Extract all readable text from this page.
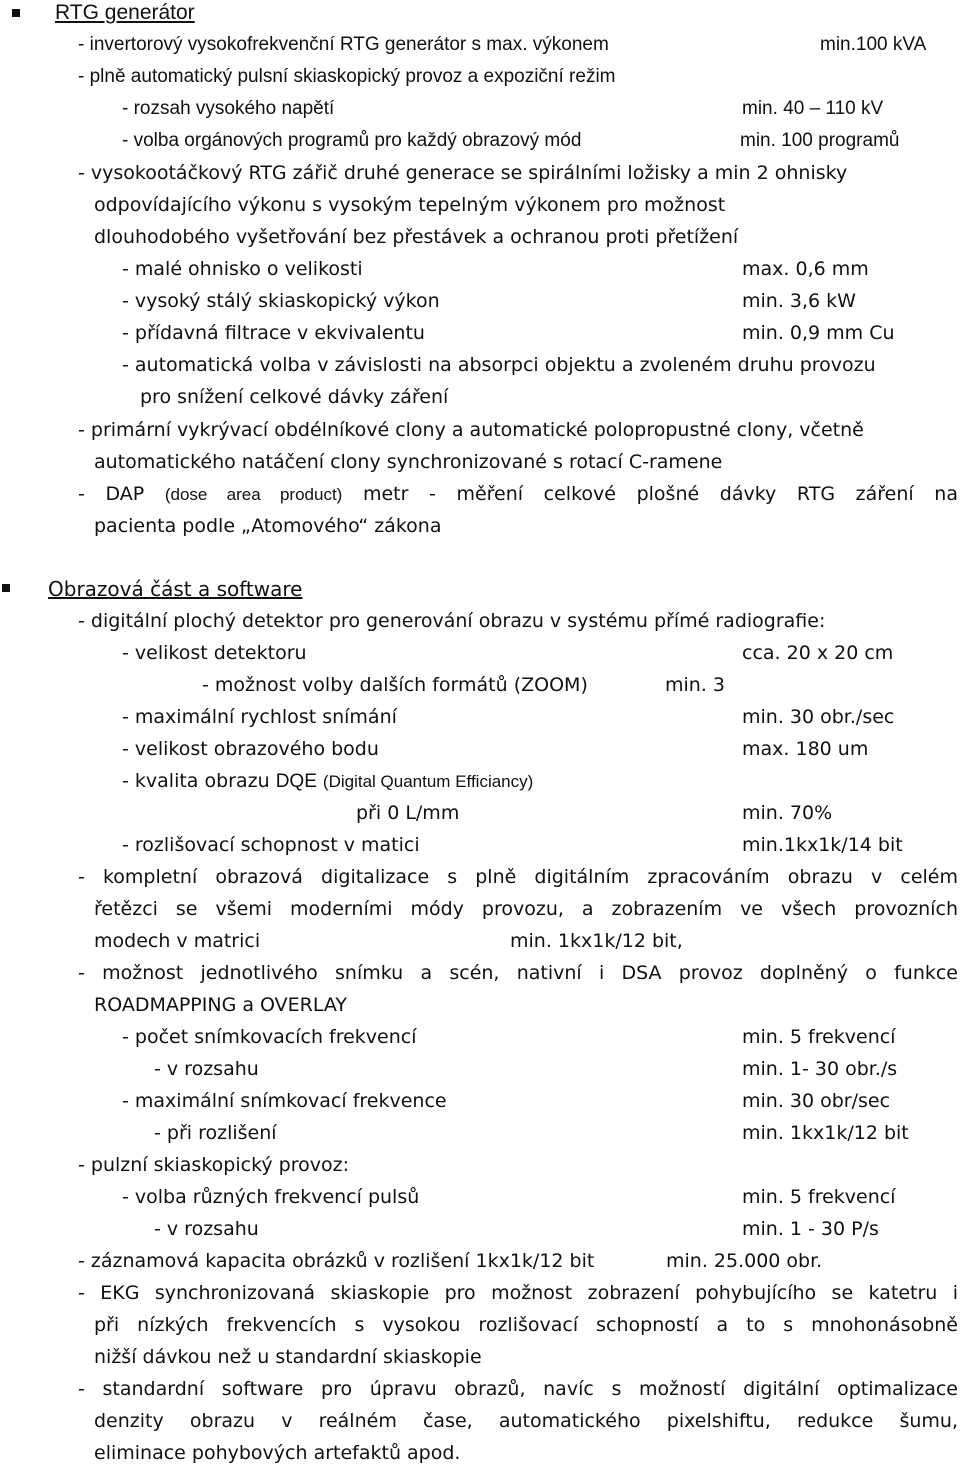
RTG generátor
- invertorový vysokofrekvenční RTG generátor s max. výkonem	min.100 kVA
- plně automatický pulsní skiaskopický provoz a expoziční režim
- rozsah vysokého napětí	min. 40 – 110 kV
- volba orgánových programů pro každý obrazový mód	min. 100 programů
- vysokootáčkový RTG zářič druhé generace se spirálními ložisky a min 2 ohnisky
odpovídajícího výkonu s vysokým tepelným výkonem pro možnost
dlouhodobého vyšetřování bez přestávek a ochranou proti přetížení
- malé ohnisko o velikosti	max. 0,6 mm
- vysoký stálý skiaskopický výkon	min. 3,6 kW
- přídavná filtrace v ekvivalentu	min. 0,9 mm Cu
- automatická volba v závislosti na absorpci objektu a zvoleném druhu provozu
pro snížení celkové dávky záření
- primární vykrývací obdélníkové clony a automatické polopropustné clony, včetně
automatického natáčení clony synchronizované s rotací C-ramene
- DAP (dose area product) metr - měření celkové plošné dávky RTG záření na
pacienta podle „Atomového“ zákona
Obrazová část a software
- digitální plochý detektor pro generování obrazu v systému přímé radiografie:
- velikost detektoru	cca. 20 x 20 cm
- možnost volby dalších formátů (ZOOM)	min. 3
- maximální rychlost snímání	min. 30 obr./sec
- velikost obrazového bodu	max. 180 um
- kvalita obrazu DQE (Digital Quantum Efficiancy)
při 0 L/mm	min. 70%
- rozlišovací schopnost v matici	min.1kx1k/14 bit
- kompletní obrazová digitalizace s plně digitálním zpracováním obrazu v celém
řetězci se všemi moderními módy provozu, a zobrazením ve všech provozních
modech v matrici	min. 1kx1k/12 bit,
- možnost jednotlivého snímku a scén, nativní i DSA provoz doplněný o funkce
ROADMAPPING a OVERLAY
- počet snímkovacích frekvencí	min. 5 frekvencí
- v rozsahu	min. 1- 30 obr./s
- maximální snímkovací frekvence	min. 30 obr/sec
- při rozlišení	min. 1kx1k/12 bit
- pulzní skiaskopický provoz:
- volba různých frekvencí pulsů	min. 5 frekvencí
- v rozsahu	min. 1 - 30 P/s
- záznamová kapacita obrázků v rozlišení 1kx1k/12 bit	min. 25.000 obr.
- EKG synchronizovaná skiaskopie pro možnost zobrazení pohybujícího se katetru i
při nízkých frekvencích s vysokou rozlišovací schopností a to s mnohonásobně
nižší dávkou než u standardní skiaskopie
- standardní software pro úpravu obrazů, navíc s možností digitální optimalizace
denzity obrazu v reálném čase, automatického pixelshiftu, redukce šumu,
eliminace pohybových artefaktů apod.
